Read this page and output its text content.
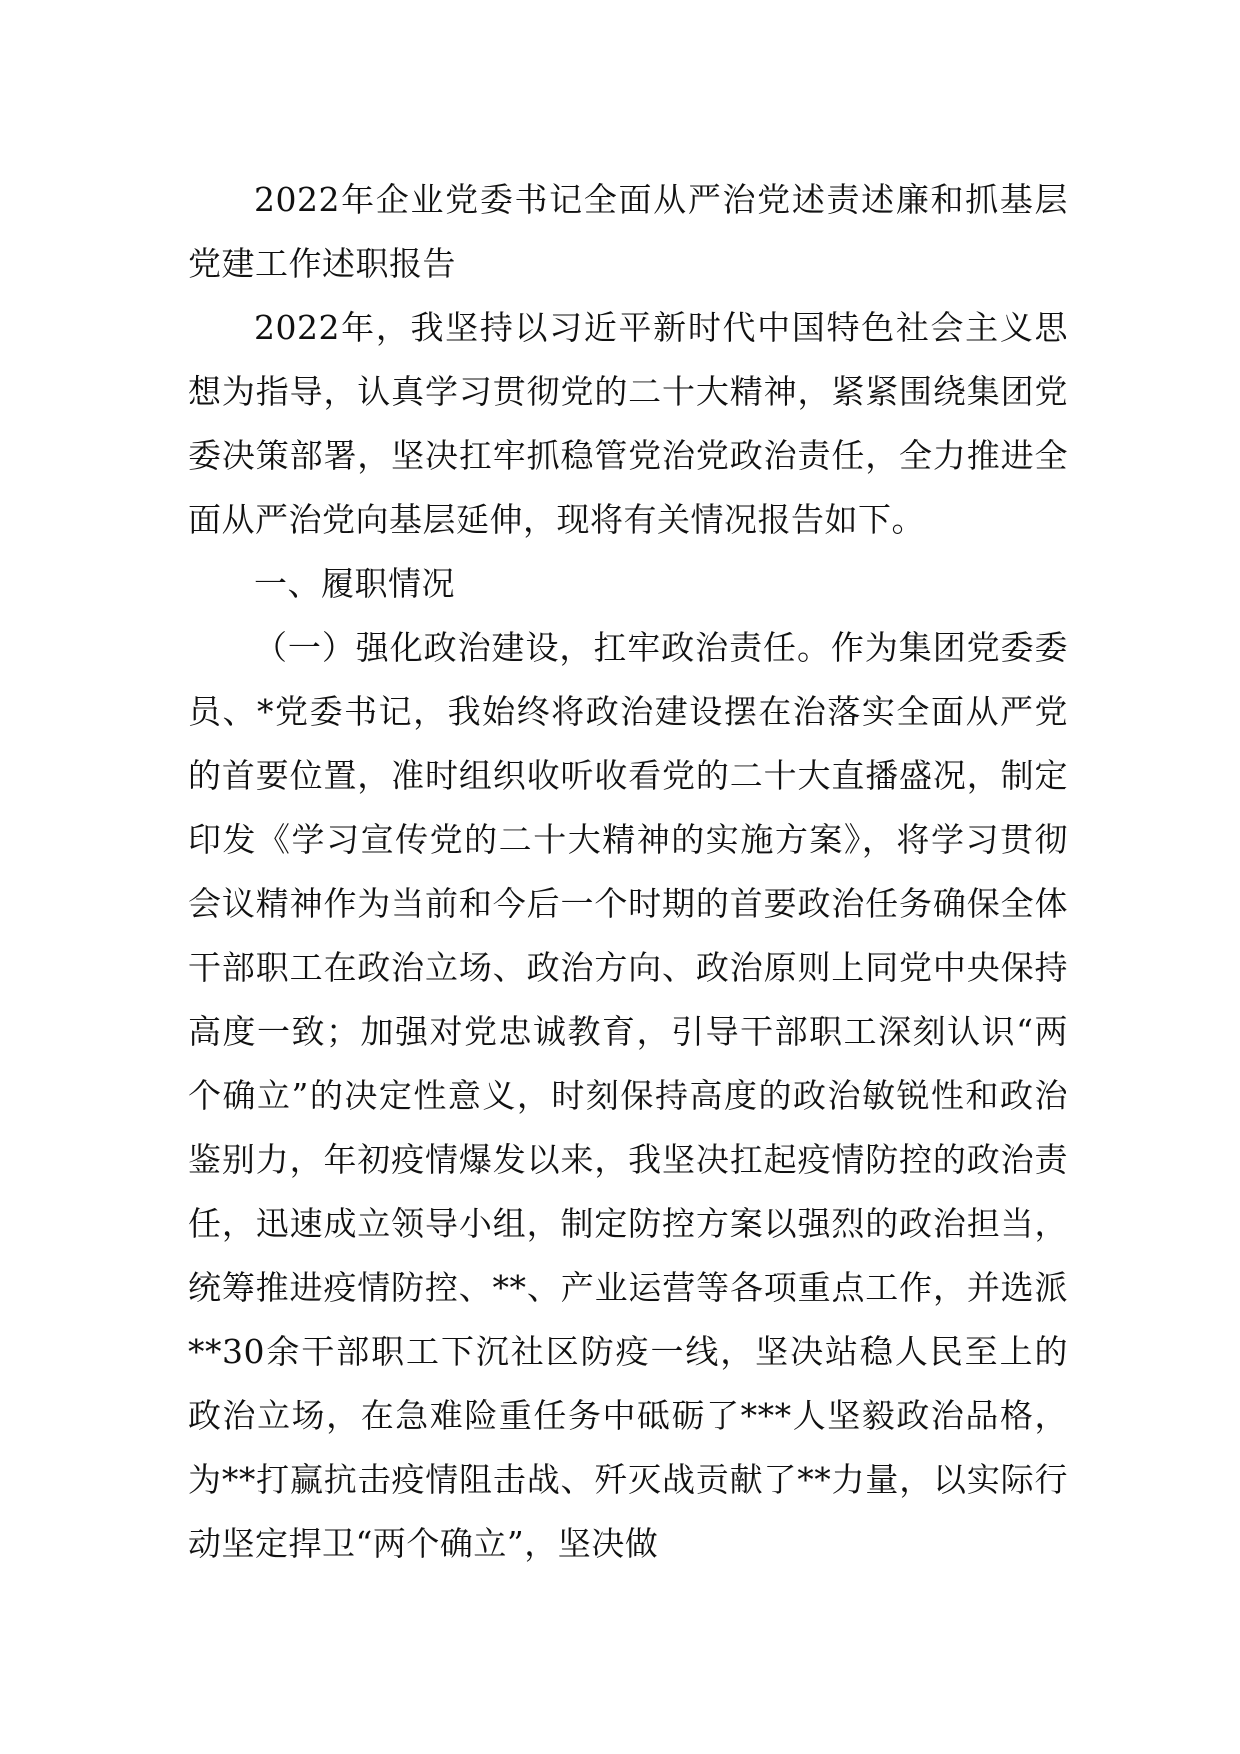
2022年企业党委书记全面从严治党述责述廉和抓基层党建工作述职报告

2022年，我坚持以习近平新时代中国特色社会主义思想为指导，认真学习贯彻党的二十大精神，紧紧围绕集团党委决策部署，坚决扛牢抓稳管党治党政治责任，全力推进全面从严治党向基层延伸，现将有关情况报告如下。

一、履职情况

（一）强化政治建设，扛牢政治责任。作为集团党委委员、*党委书记，我始终将政治建设摆在治落实全面从严党的首要位置，准时组织收听收看党的二十大直播盛况，制定印发《学习宣传党的二十大精神的实施方案》，将学习贯彻会议精神作为当前和今后一个时期的首要政治任务确保全体干部职工在政治立场、政治方向、政治原则上同党中央保持高度一致；加强对党忠诚教育，引导干部职工深刻认识“两个确立”的决定性意义，时刻保持高度的政治敏锐性和政治鉴别力，年初疫情爆发以来，我坚决扛起疫情防控的政治责任，迅速成立领导小组，制定防控方案以强烈的政治担当，统筹推进疫情防控、**、产业运营等各项重点工作，并选派**30余干部职工下沉社区防疫一线，坚决站稳人民至上的政治立场，在急难险重任务中砥砺了***人坚毅政治品格，为**打赢抗击疫情阻击战、歼灭战贡献了**力量，以实际行动坚定捍卫“两个确立”，坚决做
